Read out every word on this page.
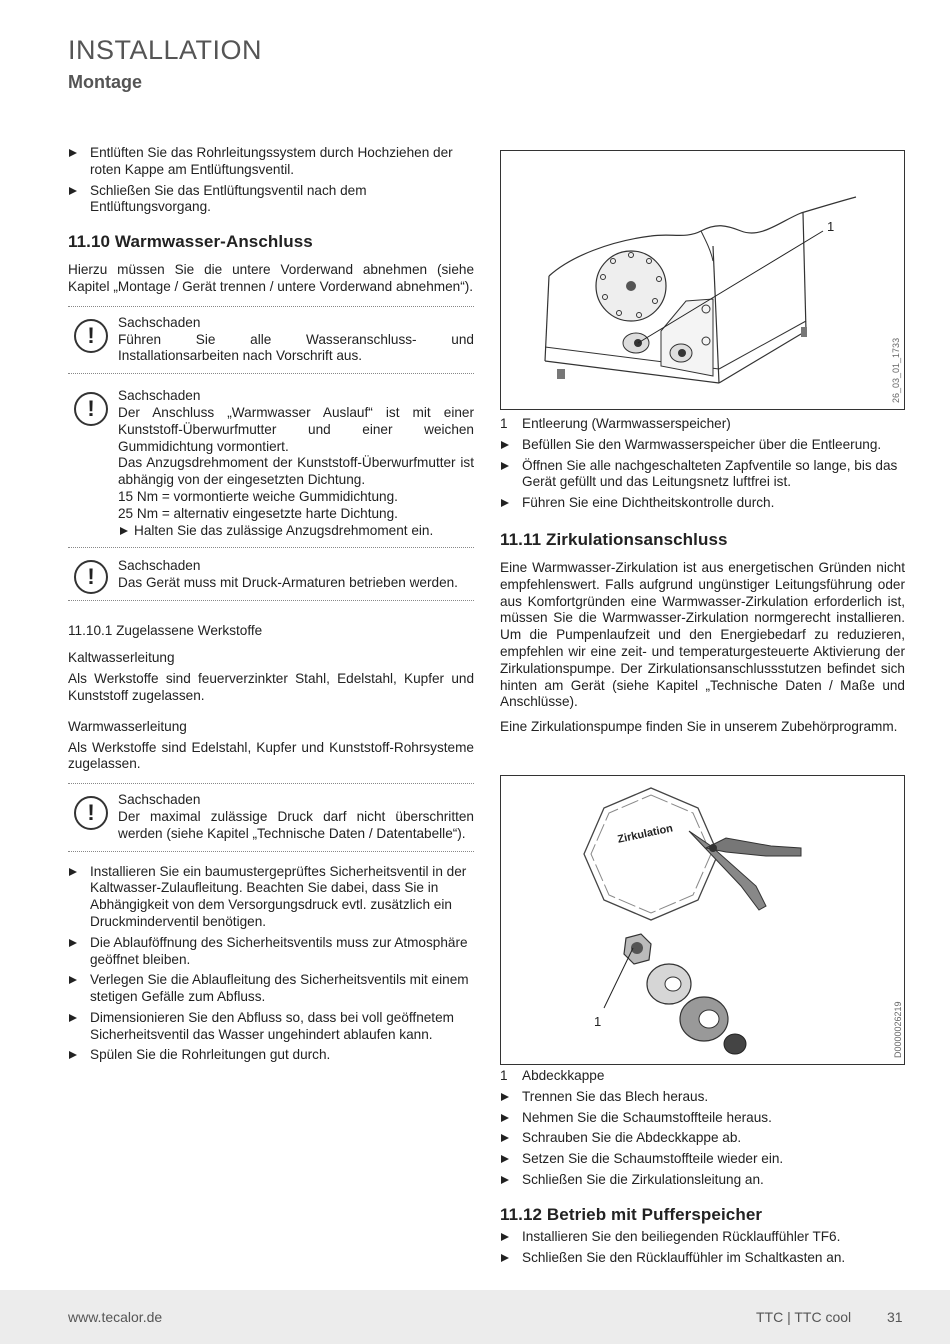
INSTALLATION
Montage
Entlüften Sie das Rohrleitungssystem durch Hochziehen der roten Kappe am Entlüftungsventil.
Schließen Sie das Entlüftungsventil nach dem Entlüftungsvorgang.
11.10 Warmwasser-Anschluss

Hierzu müssen Sie die untere Vorderwand abnehmen (siehe Kapitel „Montage / Gerät trennen / untere Vorderwand abnehmen“).

!
Sachschaden
Führen Sie alle Wasseranschluss- und Installationsarbeiten nach Vorschrift aus.
!
Sachschaden
Der Anschluss „Warmwasser Auslauf“ ist mit einer Kunststoff-Überwurfmutter und einer weichen Gummidichtung vormontiert.
Das Anzugsdrehmoment der Kunststoff-Überwurfmutter ist abhängig von der eingesetzten Dichtung.
15 Nm = vormontierte weiche Gummidichtung.
25 Nm = alternativ eingesetzte harte Dichtung.
Halten Sie das zulässige Anzugsdrehmoment ein.
!	Sachschaden
Das Gerät muss mit Druck-Armaturen betrieben werden.
11.10.1 Zugelassene Werkstoffe
Kaltwasserleitung

Als Werkstoffe sind feuerverzinkter Stahl, Edelstahl, Kupfer und Kunststoff zugelassen.

Warmwasserleitung

Als Werkstoffe sind Edelstahl, Kupfer und Kunststoff-Rohrsysteme zugelassen.

!
Sachschaden
Der maximal zulässige Druck darf nicht überschritten werden (siehe Kapitel „Technische Daten / Datentabelle“).
Installieren Sie ein baumustergeprüftes Sicherheitsventil in der Kaltwasser-Zulaufleitung. Beachten Sie dabei, dass Sie in Abhängigkeit von dem Versorgungsdruck evtl. zusätzlich ein Druckminderventil benötigen.
Die Ablauföffnung des Sicherheitsventils muss zur Atmosphäre geöffnet bleiben.
Verlegen Sie die Ablaufleitung des Sicherheitsventils mit einem stetigen Gefälle zum Abfluss.
Dimensionieren Sie den Abfluss so, dass bei voll geöffnetem Sicherheitsventil das Wasser ungehindert ablaufen kann.
Spülen Sie die Rohrleitungen gut durch.
1
26_03_01_1733
1 Entleerung (Warmwasserspeicher)
Befüllen Sie den Warmwasserspeicher über die Entleerung.
Öffnen Sie alle nachgeschalteten Zapfventile so lange, bis das Gerät gefüllt und das Leitungsnetz luftfrei ist.
Führen Sie eine Dichtheitskontrolle durch.
11.11 Zirkulationsanschluss

Eine Warmwasser-Zirkulation ist aus energetischen Gründen nicht empfehlenswert. Falls aufgrund ungünstiger Leitungsführung oder aus Komfortgründen eine Warmwasser-Zirkulation erforderlich ist, müssen Sie die Warmwasser-Zirkulation normgerecht installieren. Um die Pumpenlaufzeit und den Energiebedarf zu reduzieren, empfehlen wir eine zeit- und temperaturgesteuerte Aktivierung der Zirkulationspumpe. Der Zirkulationsanschlussstutzen befindet sich hinten am Gerät (siehe Kapitel „Technische Daten / Maße und Anschlüsse).

Eine Zirkulationspumpe finden Sie in unserem Zubehörprogramm.

Zirkulation
1	D0000026219
1 Abdeckkappe
Trennen Sie das Blech heraus.
Nehmen Sie die Schaumstoffteile heraus.
Schrauben Sie die Abdeckkappe ab.
Setzen Sie die Schaumstoffteile wieder ein.
Schließen Sie die Zirkulationsleitung an.
11.12 Betrieb mit Pufferspeicher
Installieren Sie den beiliegenden Rücklauffühler TF6.
Schließen Sie den Rücklauffühler im Schaltkasten an.
www.tecalor.de	TTC | TTC cool	31
